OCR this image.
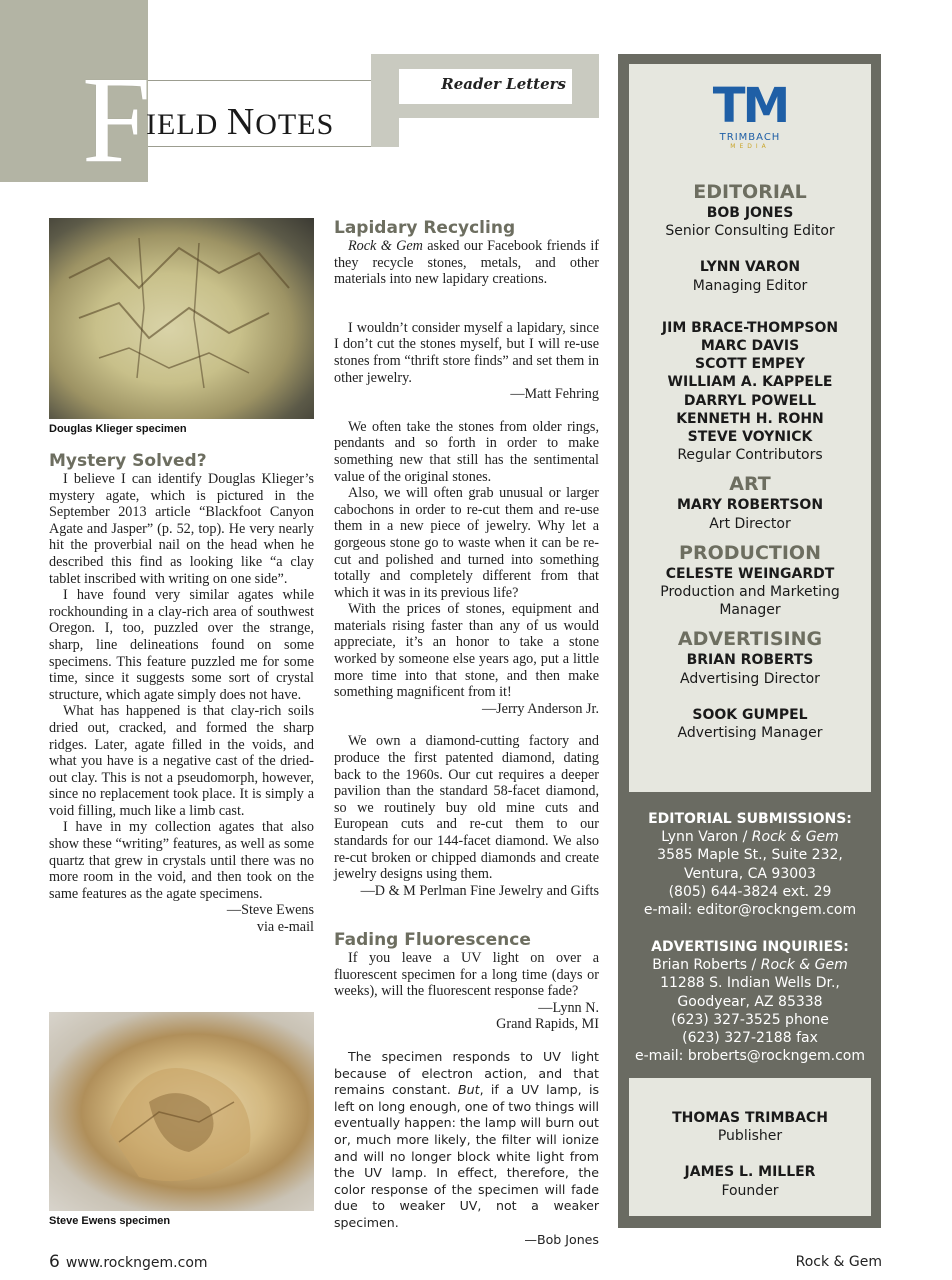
Reader Letters
F
IELD NOTES
Douglas Klieger specimen
Mystery Solved?

I believe I can identify Douglas Klieger’s mystery agate, which is pictured in the September 2013 article “Blackfoot Canyon Agate and Jasper” (p. 52, top). He very nearly hit the proverbial nail on the head when he described this find as looking like “a clay tablet inscribed with writing on one side”.

I have found very similar agates while rockhounding in a clay-rich area of southwest Oregon. I, too, puzzled over the strange, sharp, line delineations found on some specimens. This feature puzzled me for some time, since it suggests some sort of crystal structure, which agate simply does not have.

What has happened is that clay-rich soils dried out, cracked, and formed the sharp ridges. Later, agate filled in the voids, and what you have is a negative cast of the dried-out clay. This is not a pseudomorph, however, since no replacement took place. It is simply a void filling, much like a limb cast.

I have in my collection agates that also show these “writing” features, as well as some quartz that grew in crystals until there was no more room in the void, and then took on the same features as the agate specimens.

—Steve Ewens

via e-mail

Steve Ewens specimen
Lapidary Recycling

Rock & Gem asked our Facebook friends if they recycle stones, metals, and other materials into new lapidary creations.

I wouldn’t consider myself a lapidary, since I don’t cut the stones myself, but I will re-use stones from “thrift store finds” and set them in other jewelry.

—Matt Fehring

We often take the stones from older rings, pendants and so forth in order to make something new that still has the sentimental value of the original stones.

Also, we will often grab unusual or larger cabochons in order to re-cut them and re-use them in a new piece of jewelry. Why let a gorgeous stone go to waste when it can be re-cut and polished and turned into something totally and completely different from that which it was in its previous life?

With the prices of stones, equipment and materials rising faster than any of us would appreciate, it’s an honor to take a stone worked by someone else years ago, put a little more time into that stone, and then make something magnificent from it!

—Jerry Anderson Jr.

We own a diamond-cutting factory and produce the first patented diamond, dating back to the 1960s. Our cut requires a deeper pavilion than the standard 58-facet diamond, so we routinely buy old mine cuts and European cuts and re-cut them to our standards for our 144-facet diamond. We also re-cut broken or chipped diamonds and create jewelry designs using them.

—D & M Perlman Fine Jewelry and Gifts

Fading Fluorescence

If you leave a UV light on over a fluorescent specimen for a long time (days or weeks), will the fluorescent response fade?

—Lynn N.

Grand Rapids, MI

The specimen responds to UV light because of electron action, and that remains constant. But, if a UV lamp, is left on long enough, one of two things will eventually happen: the lamp will burn out or, much more likely, the filter will ionize and will no longer block white light from the UV lamp. In effect, therefore, the color response of the specimen will fade due to weaker UV, not a weaker specimen.

—Bob Jones

TM
TRIMBACH
MEDIA
EDITORIAL
BOB JONES
Senior Consulting Editor
LYNN VARON
Managing Editor
JIM BRACE-THOMPSON
MARC DAVIS
SCOTT EMPEY
WILLIAM A. KAPPELE
DARRYL POWELL
KENNETH H. ROHN
STEVE VOYNICK
Regular Contributors
ART
MARY ROBERTSON
Art Director
PRODUCTION
CELESTE WEINGARDT
Production and Marketing
Manager
ADVERTISING
BRIAN ROBERTS
Advertising Director
SOOK GUMPEL
Advertising Manager
EDITORIAL SUBMISSIONS:
Lynn Varon / Rock & Gem
3585 Maple St., Suite 232,
Ventura, CA 93003
(805) 644-3824 ext. 29
e-mail: editor@rockngem.com
ADVERTISING INQUIRIES:
Brian Roberts / Rock & Gem
11288 S. Indian Wells Dr.,
Goodyear, AZ 85338
(623) 327-3525 phone
(623) 327-2188 fax
e-mail: broberts@rockngem.com
THOMAS TRIMBACH
Publisher
JAMES L. MILLER
Founder
6 www.rockngem.com	Rock & Gem
